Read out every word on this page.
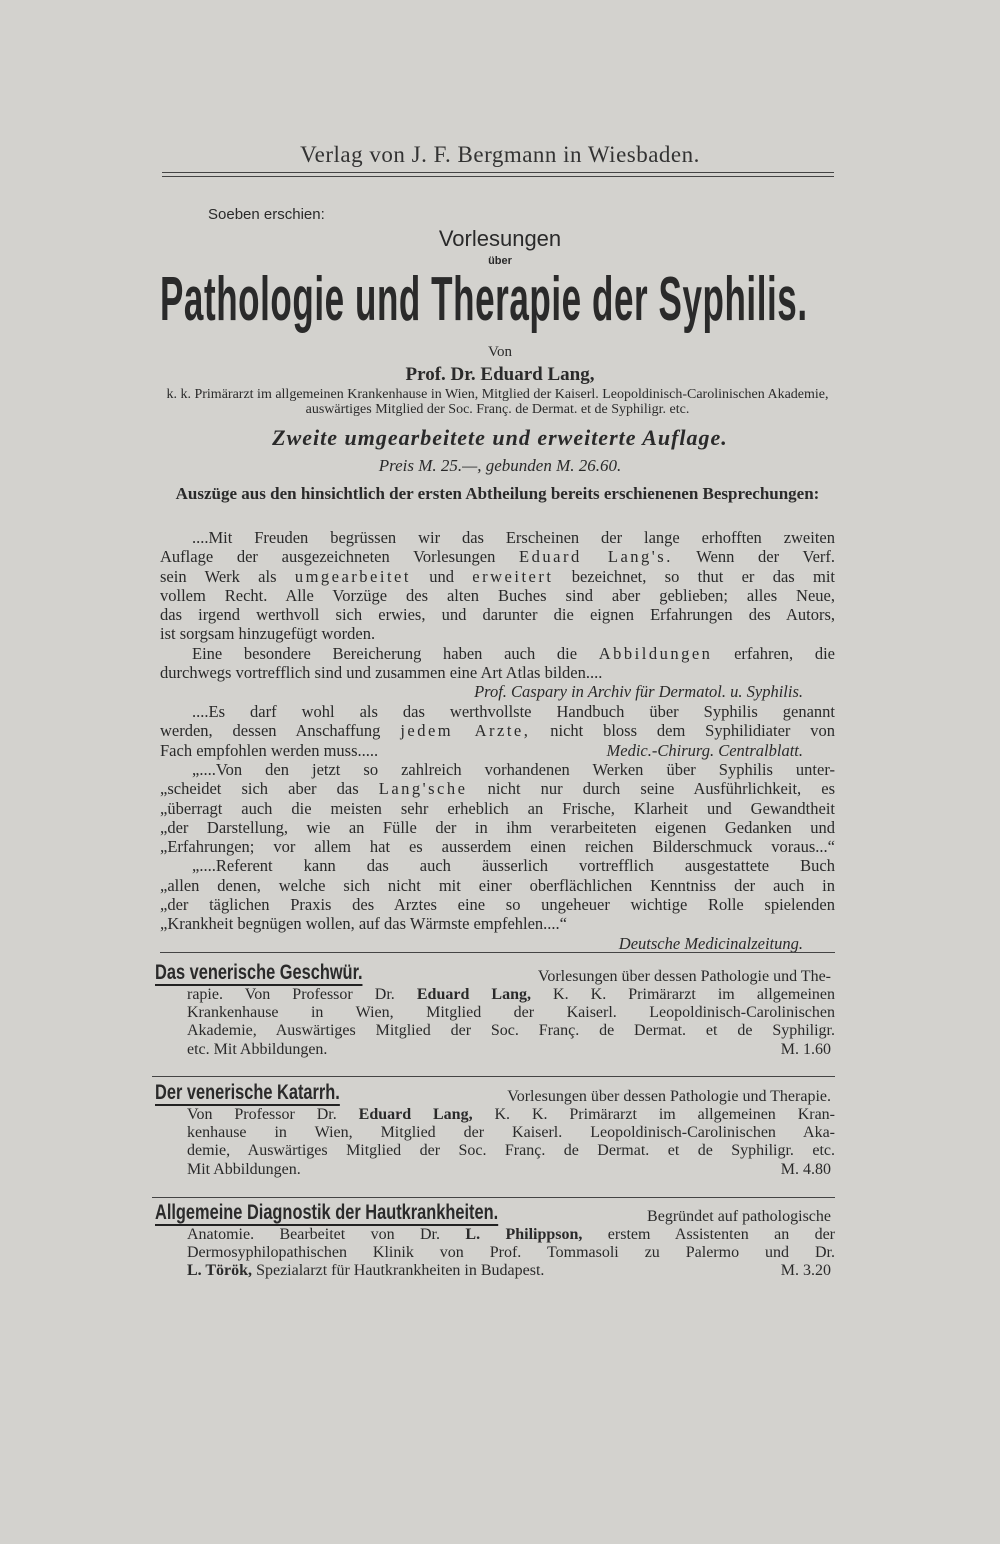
Verlag von J. F. Bergmann in Wiesbaden.
Soeben erschien:
Vorlesungen
über
Pathologie und Therapie der Syphilis.
Von
Prof. Dr. Eduard Lang,
k. k. Primärarzt im allgemeinen Krankenhause in Wien, Mitglied der Kaiserl. Leopoldinisch-Carolinischen Akademie, auswärtiges Mitglied der Soc. Franç. de Dermat. et de Syphiligr. etc.
Zweite umgearbeitete und erweiterte Auflage.
Preis M. 25.—, gebunden M. 26.60.
Auszüge aus den hinsichtlich der ersten Abtheilung bereits erschienenen Besprechungen:
....Mit Freuden begrüssen wir das Erscheinen der lange erhofften zweiten
Auflage der ausgezeichneten Vorlesungen Eduard Lang's. Wenn der Verf.
sein Werk als umgearbeitet und erweitert bezeichnet, so thut er das mit
vollem Recht. Alle Vorzüge des alten Buches sind aber geblieben; alles Neue,
das irgend werthvoll sich erwies, und darunter die eignen Erfahrungen des Autors,
ist sorgsam hinzugefügt worden.
Eine besondere Bereicherung haben auch die Abbildungen erfahren, die
durchwegs vortrefflich sind und zusammen eine Art Atlas bilden....
Prof. Caspary in Archiv für Dermatol. u. Syphilis.
....Es darf wohl als das werthvollste Handbuch über Syphilis genannt
werden, dessen Anschaffung jedem Arzte, nicht bloss dem Syphilidiater von
Fach empfohlen werden muss.....	Medic.-Chirurg. Centralblatt.
„....Von den jetzt so zahlreich vorhandenen Werken über Syphilis unter-
„scheidet sich aber das Lang'sche nicht nur durch seine Ausführlichkeit, es
„überragt auch die meisten sehr erheblich an Frische, Klarheit und Gewandtheit
„der Darstellung, wie an Fülle der in ihm verarbeiteten eigenen Gedanken und
„Erfahrungen; vor allem hat es ausserdem einen reichen Bilderschmuck voraus...“
„....Referent kann das auch äusserlich vortrefflich ausgestattete Buch
„allen denen, welche sich nicht mit einer oberflächlichen Kenntniss der auch in
„der täglichen Praxis des Arztes eine so ungeheuer wichtige Rolle spielenden
„Krankheit begnügen wollen, auf das Wärmste empfehlen....“
Deutsche Medicinalzeitung.
Das venerische Geschwür.	Vorlesungen über dessen Pathologie und The-
rapie. Von Professor Dr. Eduard Lang, K. K. Primärarzt im allgemeinen
Krankenhause in Wien, Mitglied der Kaiserl. Leopoldinisch-Carolinischen
Akademie, Auswärtiges Mitglied der Soc. Franç. de Dermat. et de Syphiligr.
etc. Mit Abbildungen.	M. 1.60
Der venerische Katarrh.	Vorlesungen über dessen Pathologie und Therapie.
Von Professor Dr. Eduard Lang, K. K. Primärarzt im allgemeinen Kran-
kenhause in Wien, Mitglied der Kaiserl. Leopoldinisch-Carolinischen Aka-
demie, Auswärtiges Mitglied der Soc. Franç. de Dermat. et de Syphiligr. etc.
Mit Abbildungen.	M. 4.80
Allgemeine Diagnostik der Hautkrankheiten.	Begründet auf pathologische
Anatomie. Bearbeitet von Dr. L. Philippson, erstem Assistenten an der
Dermosyphilopathischen Klinik von Prof. Tommasoli zu Palermo und Dr.
L. Török, Spezialarzt für Hautkrankheiten in Budapest.	M. 3.20
